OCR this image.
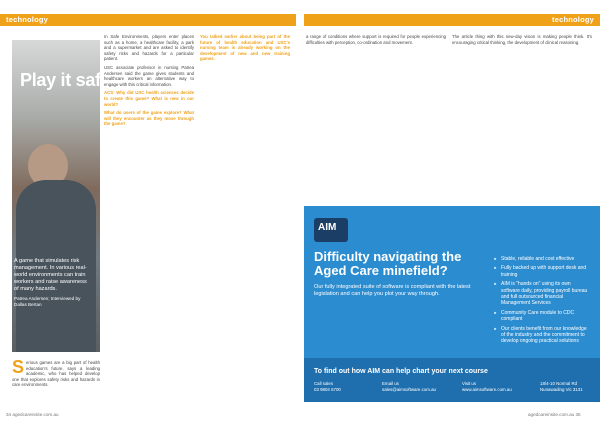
technology	technology
Play it safe
A game that simulates risk management. In various real-world environments can train workers and raise awareness of many hazards.
Patrea Andersen; Interviewed by Dallas Bertan
S erious games are a big part of health education's future, says a leading academic, who has helped develop one that explores safety risks and hazards in care environments.

In Safe Environments, players enter places such as a home, a healthcare facility, a park and a supermarket and are asked to identify safety risks and hazards for a particular patient.

USC associate professor in nursing Patrea Andersen said the game gives students and healthcare workers an alternative way to engage with this critical information.

ACS: Why did USC health sciences decide to create this game? What is new in our world?

What do users of the game explore? What will they encounter as they move through the game?

You talked earlier about being part of the future of health education and USC's nursing team is already working on the development of new and new training games.

a range of conditions where support is required for people experiencing difficulties with perception, co-ordination and movement.

The article thing with this new-day vision is making people think. It's encouraging critical thinking, the development of clinical reasoning.

AIM
Difficulty navigating the Aged Care minefield?
Our fully integrated suite of software is compliant with the latest legislation and can help you plot your way through.
■ Stable, reliable and cost effective
■ Fully backed up with support desk and training
■ AIM is "hands on" using its own software daily, providing payroll bureau and full outsourced financial Management Services
■ Community Care module to CDC compliant
■ Our clients benefit from our knowledge of the industry and the commitment to develop ongoing practical solutions
To find out how AIM can help chart your next course
Call sales
03 9804 6700
Email us
sales@aimsoftware.com.au
Visit us
www.aimsoftware.com.au
18/4-10 Normal Rd Nunawading Vic 3131
34 agedcareinsite.com.au	agedcareinsite.com.au 35
